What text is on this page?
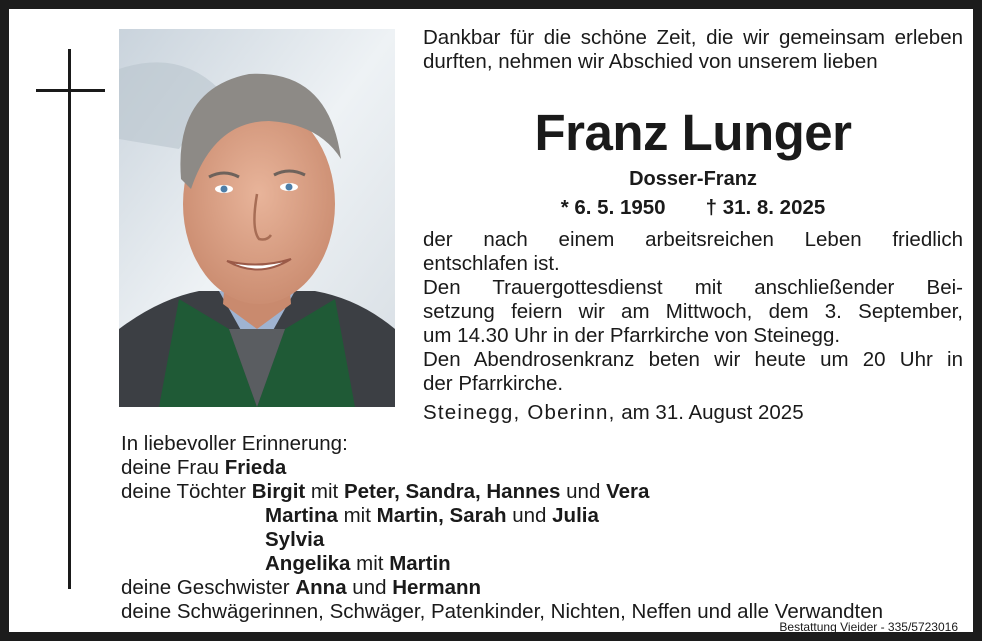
Dankbar für die schöne Zeit, die wir gemeinsam erleben durften, nehmen wir Abschied von unserem lieben
Franz Lunger
Dosser-Franz
* 6. 5. 1950 † 31. 8. 2025

der nach einem arbeitsreichen Leben friedlich

entschlafen ist.

Den Trauergottesdienst mit anschließender Bei-

setzung feiern wir am Mittwoch, dem 3. September,

um 14.30 Uhr in der Pfarrkirche von Steinegg.

Den Abendrosenkranz beten wir heute um 20 Uhr in

der Pfarrkirche.

Steinegg, Oberinn, am 31. August 2025
In liebevoller Erinnerung:
deine Frau Frieda
deine Töchter Birgit mit Peter, Sandra, Hannes und Vera
Martina mit Martin, Sarah und Julia
Sylvia
Angelika mit Martin
deine Geschwister Anna und Hermann
deine Schwägerinnen, Schwäger, Patenkinder, Nichten, Neffen und alle Verwandten
Bestattung Vieider - 335/5723016
